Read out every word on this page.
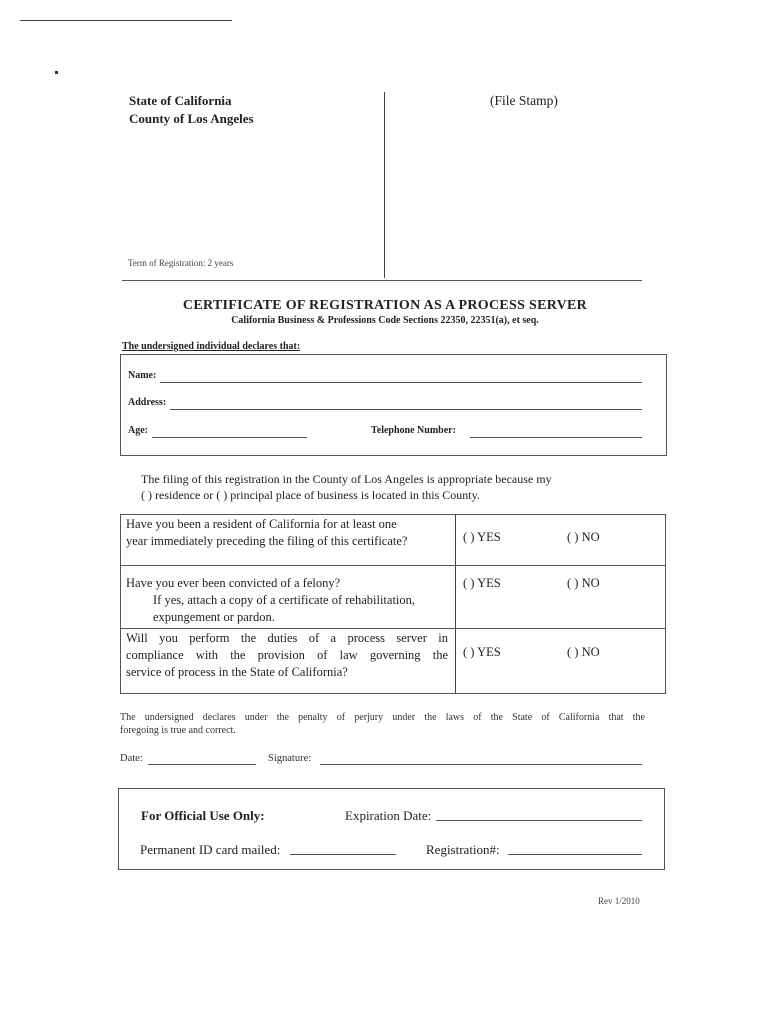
State of California
County of Los Angeles
(File Stamp)
Term of Registration: 2 years
CERTIFICATE OF REGISTRATION AS A PROCESS SERVER
California Business & Professions Code Sections 22350, 22351(a), et seq.
The undersigned individual declares that:
Name:
Address:
Age:	Telephone Number:
The filing of this registration in the County of Los Angeles is appropriate because my
( ) residence or ( ) principal place of business is located in this County.
Have you been a resident of California for at least one
year immediately preceding the filing of this certificate?	( ) YES	( ) NO
Have you ever been convicted of a felony?
If yes, attach a copy of a certificate of rehabilitation,
expungement or pardon.
( ) YES	( ) NO
Will you perform the duties of a process server in
compliance with the provision of law governing the
service of process in the State of California?
( ) YES	( ) NO
The undersigned declares under the penalty of perjury under the laws of the State of California that the
foregoing is true and correct.
Date:	Signature:
For Official Use Only:	Expiration Date:
Permanent ID card mailed:	Registration#:
Rev 1/2010
